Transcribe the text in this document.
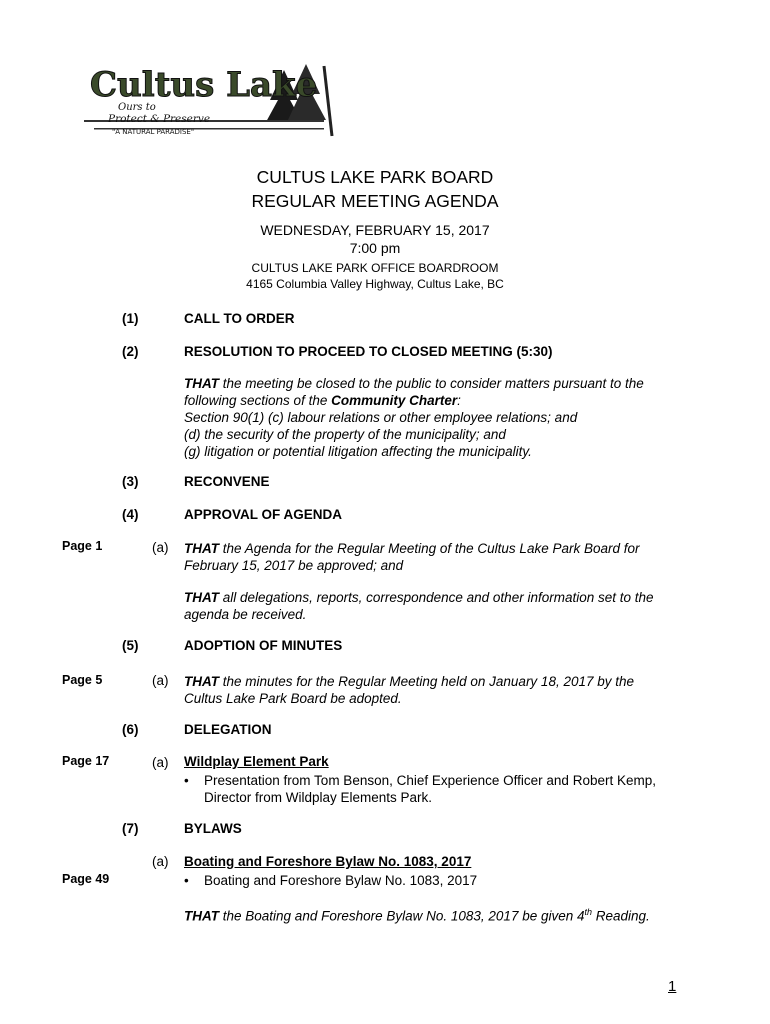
Cultus Lake
Ours to
Protect & Preserve
"A NATURAL PARADISE"
CULTUS LAKE PARK BOARD
REGULAR MEETING AGENDA
WEDNESDAY, FEBRUARY 15, 2017
7:00 pm
CULTUS LAKE PARK OFFICE BOARDROOM
4165 Columbia Valley Highway, Cultus Lake, BC
(1)	CALL TO ORDER
(2)	RESOLUTION TO PROCEED TO CLOSED MEETING (5:30)
THAT the meeting be closed to the public to consider matters pursuant to the
following sections of the Community Charter:
Section 90(1) (c) labour relations or other employee relations; and
(d) the security of the property of the municipality; and
(g) litigation or potential litigation affecting the municipality.
(3)	RECONVENE
(4)	APPROVAL OF AGENDA
Page 1	(a) THAT the Agenda for the Regular Meeting of the Cultus Lake Park Board for
February 15, 2017 be approved; and
THAT all delegations, reports, correspondence and other information set to the
agenda be received.
(5)	ADOPTION OF MINUTES
Page 5	(a) THAT the minutes for the Regular Meeting held on January 18, 2017 by the
Cultus Lake Park Board be adopted.
(6)	DELEGATION
Page 17	(a) Wildplay Element Park
• Presentation from Tom Benson, Chief Experience Officer and Robert Kemp,
Director from Wildplay Elements Park.
(7)	BYLAWS
(a) Boating and Foreshore Bylaw No. 1083, 2017
Page 49	• Boating and Foreshore Bylaw No. 1083, 2017
THAT the Boating and Foreshore Bylaw No. 1083, 2017 be given 4th Reading.
1
